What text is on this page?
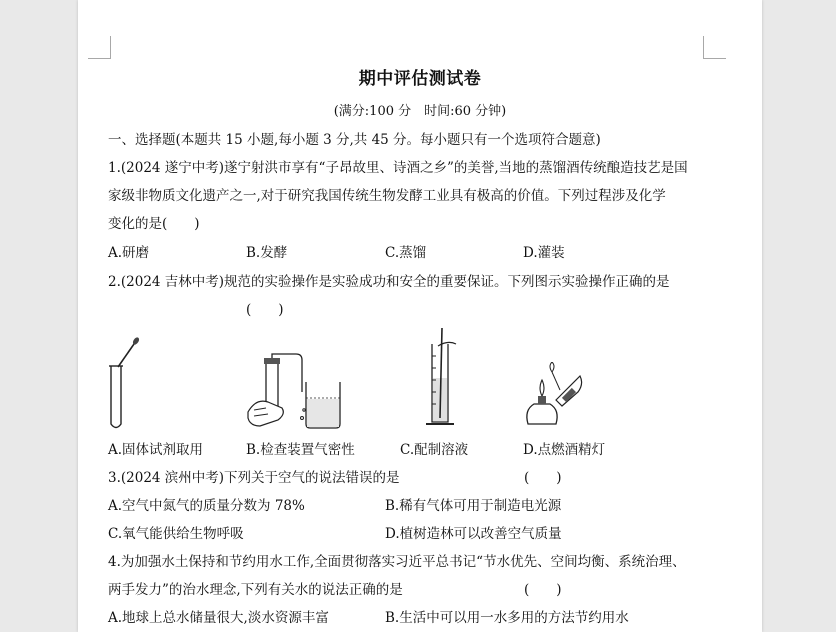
期中评估测试卷
(满分:100 分　时间:60 分钟)
一、选择题(本题共 15 小题,每小题 3 分,共 45 分。每小题只有一个选项符合题意)
1.(2024 遂宁中考)遂宁射洪市享有“子昂故里、诗酒之乡”的美誉,当地的蒸馏酒传统酿造技艺是国
家级非物质文化遗产之一,对于研究我国传统生物发酵工业具有极高的价值。下列过程涉及化学
变化的是(　　)
A.研磨	B.发酵	C.蒸馏	D.灌装
2.(2024 吉林中考)规范的实验操作是实验成功和安全的重要保证。下列图示实验操作正确的是
(　　)
A.固体试剂取用	B.检查装置气密性	C.配制溶液	D.点燃酒精灯
3.(2024 滨州中考)下列关于空气的说法错误的是	(　　)
A.空气中氮气的质量分数为 78%	B.稀有气体可用于制造电光源
C.氧气能供给生物呼吸	D.植树造林可以改善空气质量
4.为加强水土保持和节约用水工作,全面贯彻落实习近平总书记“节水优先、空间均衡、系统治理、
两手发力”的治水理念,下列有关水的说法正确的是	(　　)
A.地球上总水储量很大,淡水资源丰富	B.生活中可以用一水多用的方法节约用水
